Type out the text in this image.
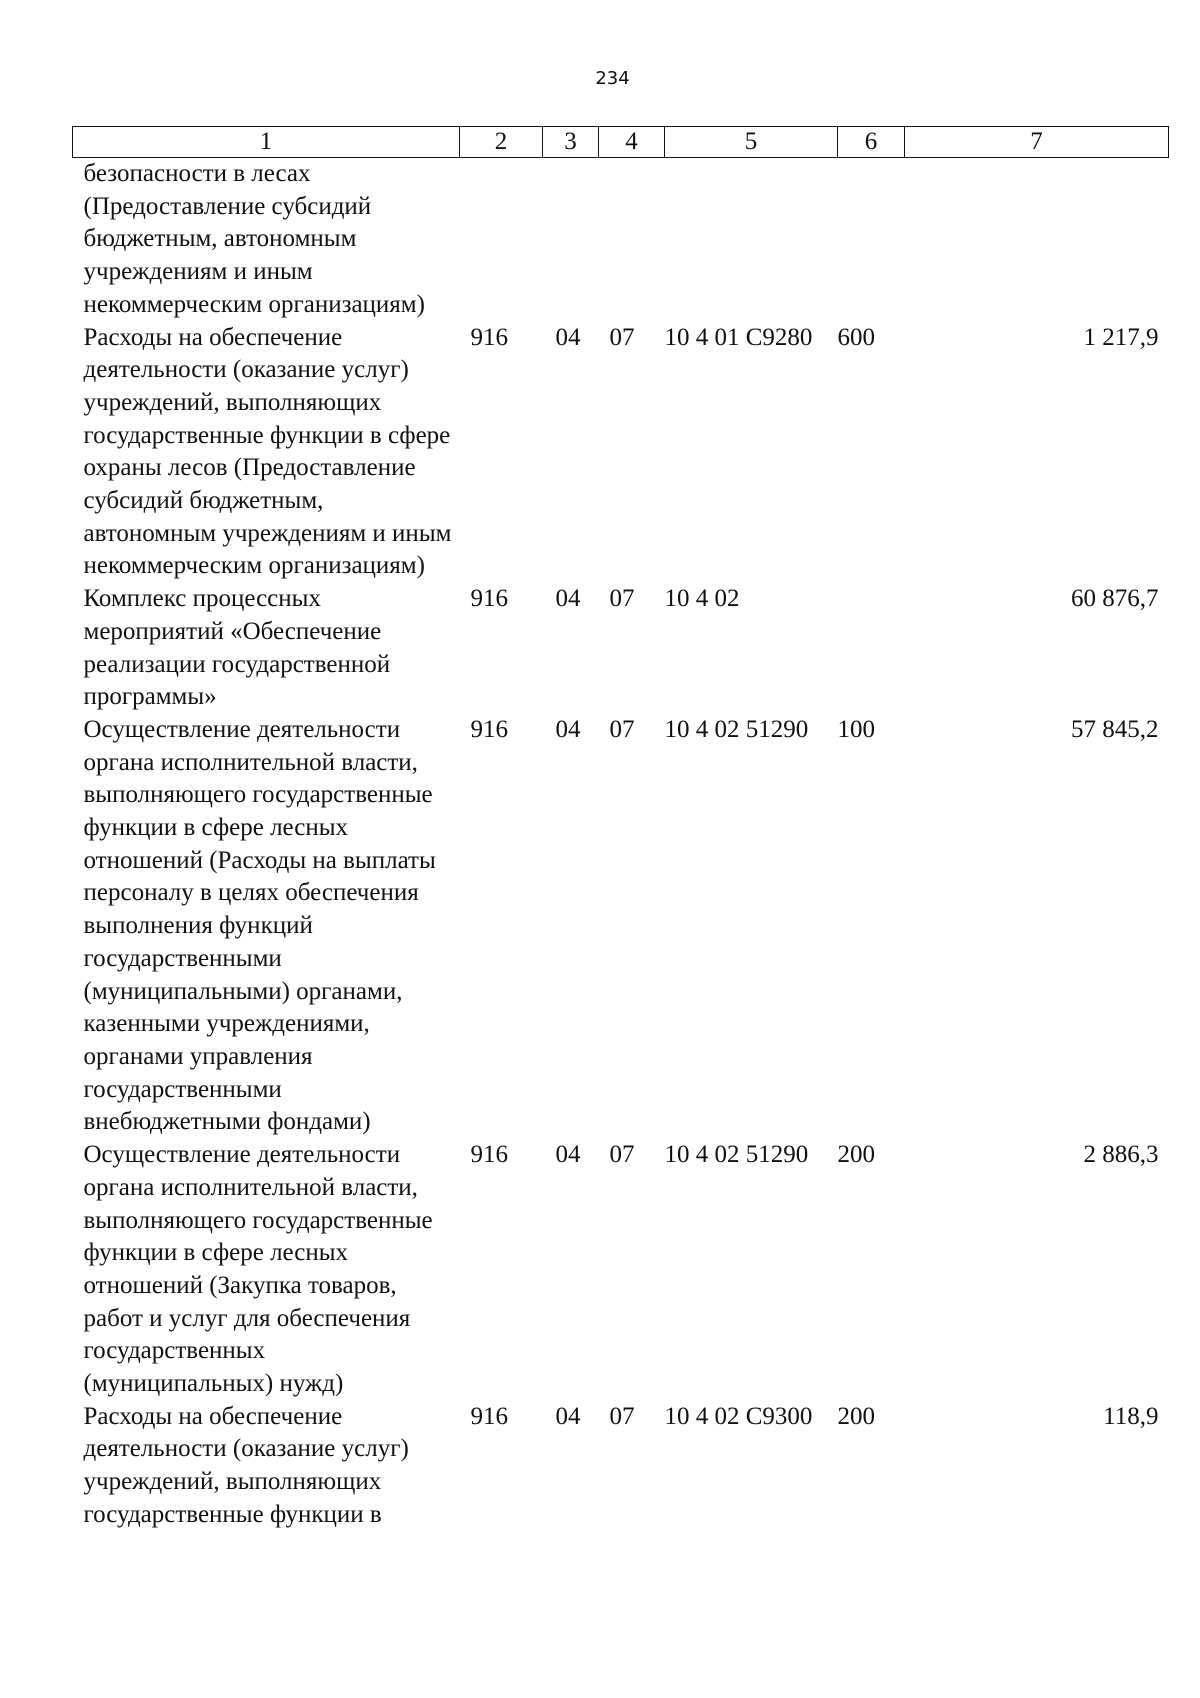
234
1	2	3	4	5	6	7
безопасности в лесах (Предоставление субсидий бюджетным, автономным учреждениям и иным некоммерческим организациям)						
Расходы на обеспечение деятельности (оказание услуг) учреждений, выполняющих государственные функции в сфере охраны лесов (Предоставление субсидий бюджетным, автономным учреждениям и иным некоммерческим организациям)	916	04	07	10 4 01 С9280	600	1 217,9
Комплекс процессных мероприятий «Обеспечение реализации государственной программы»	916	04	07	10 4 02		60 876,7
Осуществление деятельности органа исполнительной власти, выполняющего государственные функции в сфере лесных отношений (Расходы на выплаты персоналу в целях обеспечения выполнения функций государственными (муниципальными) органами, казенными учреждениями, органами управления государственными внебюджетными фондами)	916	04	07	10 4 02 51290	100	57 845,2
Осуществление деятельности органа исполнительной власти, выполняющего государственные функции в сфере лесных отношений (Закупка товаров, работ и услуг для обеспечения государственных (муниципальных) нужд)	916	04	07	10 4 02 51290	200	2 886,3
Расходы на обеспечение деятельности (оказание услуг) учреждений, выполняющих государственные функции в	916	04	07	10 4 02 С9300	200	118,9
